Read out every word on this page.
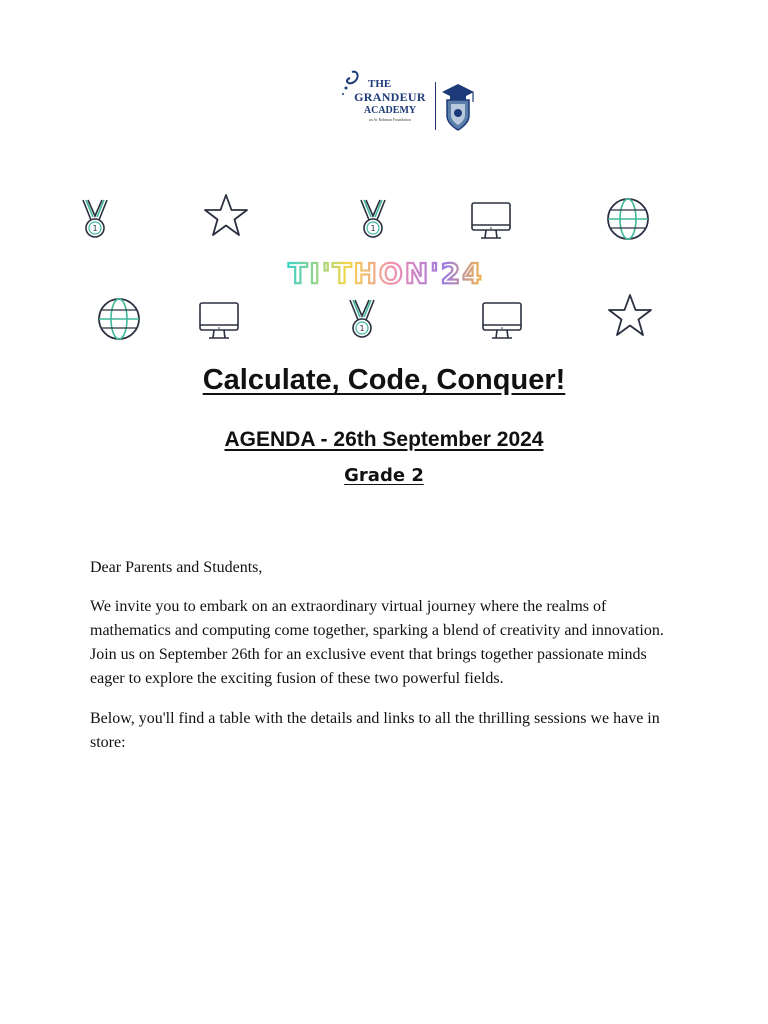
THE
GRANDEUR
ACADEMY
an Ar Rahman Foundation
1	1
TI'THON'24
1
Calculate, Code, Conquer!
AGENDA - 26th September 2024
Grade 2

Dear Parents and Students,

We invite you to embark on an extraordinary virtual journey where the realms of mathematics and computing come together, sparking a blend of creativity and innovation. Join us on September 26th for an exclusive event that brings together passionate minds eager to explore the exciting fusion of these two powerful fields.

Below, you'll find a table with the details and links to all the thrilling sessions we have in store:
